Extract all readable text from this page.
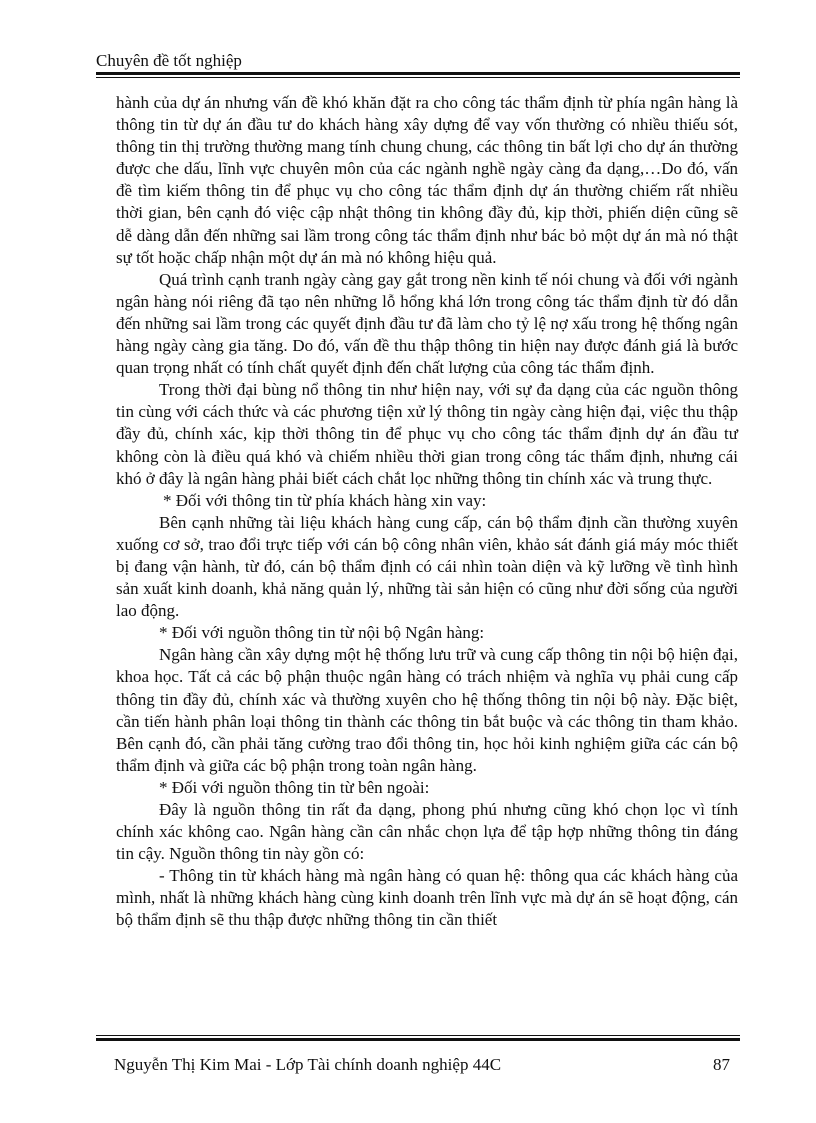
Chuyên đề tốt nghiệp

hành của dự án nhưng vấn đề khó khăn đặt ra cho công tác thẩm định từ phía ngân hàng là thông tin từ dự án đầu tư do khách hàng xây dựng để vay vốn thường có nhiều thiếu sót, thông tin thị trường thường mang tính chung chung, các thông tin bất lợi cho dự án thường được che dấu, lĩnh vực chuyên môn của các ngành nghề ngày càng đa dạng,…Do đó, vấn đề tìm kiếm thông tin để phục vụ cho công tác thẩm định dự án thường chiếm rất nhiều thời gian, bên cạnh đó việc cập nhật thông tin không đầy đủ, kịp thời, phiến diện cũng sẽ dễ dàng dẫn đến những sai lầm trong công tác thẩm định như bác bỏ một dự án mà nó thật sự tốt hoặc chấp nhận một dự án mà nó không hiệu quả.

Quá trình cạnh tranh ngày càng gay gắt trong nền kinh tế nói chung và đối với ngành ngân hàng nói riêng đã tạo nên những lỗ hổng khá lớn trong công tác thẩm định từ đó dẫn đến những sai lầm trong các quyết định đầu tư đã làm cho tỷ lệ nợ xấu trong hệ thống ngân hàng ngày càng gia tăng. Do đó, vấn đề thu thập thông tin hiện nay được đánh giá là bước quan trọng nhất có tính chất quyết định đến chất lượng của công tác thẩm định.

Trong thời đại bùng nổ thông tin như hiện nay, với sự đa dạng của các nguồn thông tin cùng với cách thức và các phương tiện xử lý thông tin ngày càng hiện đại, việc thu thập đầy đủ, chính xác, kịp thời thông tin để phục vụ cho công tác thẩm định dự án đầu tư không còn là điều quá khó và chiếm nhiều thời gian trong công tác thẩm định, nhưng cái khó ở đây là ngân hàng phải biết cách chắt lọc những thông tin chính xác và trung thực.

* Đối với thông tin từ phía khách hàng xin vay:

Bên cạnh những tài liệu khách hàng cung cấp, cán bộ thẩm định cần thường xuyên xuống cơ sở, trao đổi trực tiếp với cán bộ công nhân viên, khảo sát đánh giá máy móc thiết bị đang vận hành, từ đó, cán bộ thẩm định có cái nhìn toàn diện và kỹ lưỡng về tình hình sản xuất kinh doanh, khả năng quản lý, những tài sản hiện có cũng như đời sống của người lao động.

* Đối với nguồn thông tin từ nội bộ Ngân hàng:

Ngân hàng cần xây dựng một hệ thống lưu trữ và cung cấp thông tin nội bộ hiện đại, khoa học. Tất cả các bộ phận thuộc ngân hàng có trách nhiệm và nghĩa vụ phải cung cấp thông tin đầy đủ, chính xác và thường xuyên cho hệ thống thông tin nội bộ này. Đặc biệt, cần tiến hành phân loại thông tin thành các thông tin bắt buộc và các thông tin tham khảo. Bên cạnh đó, cần phải tăng cường trao đổi thông tin, học hỏi kinh nghiệm giữa các cán bộ thẩm định và giữa các bộ phận trong toàn ngân hàng.

* Đối với nguồn thông tin từ bên ngoài:

Đây là nguồn thông tin rất đa dạng, phong phú nhưng cũng khó chọn lọc vì tính chính xác không cao. Ngân hàng cần cân nhắc chọn lựa để tập hợp những thông tin đáng tin cậy. Nguồn thông tin này gồn có:

- Thông tin từ khách hàng mà ngân hàng có quan hệ: thông qua các khách hàng của mình, nhất là những khách hàng cùng kinh doanh trên lĩnh vực mà dự án sẽ hoạt động, cán bộ thẩm định sẽ thu thập được những thông tin cần thiết

Nguyễn Thị Kim Mai - Lớp Tài chính doanh nghiệp 44C	87
